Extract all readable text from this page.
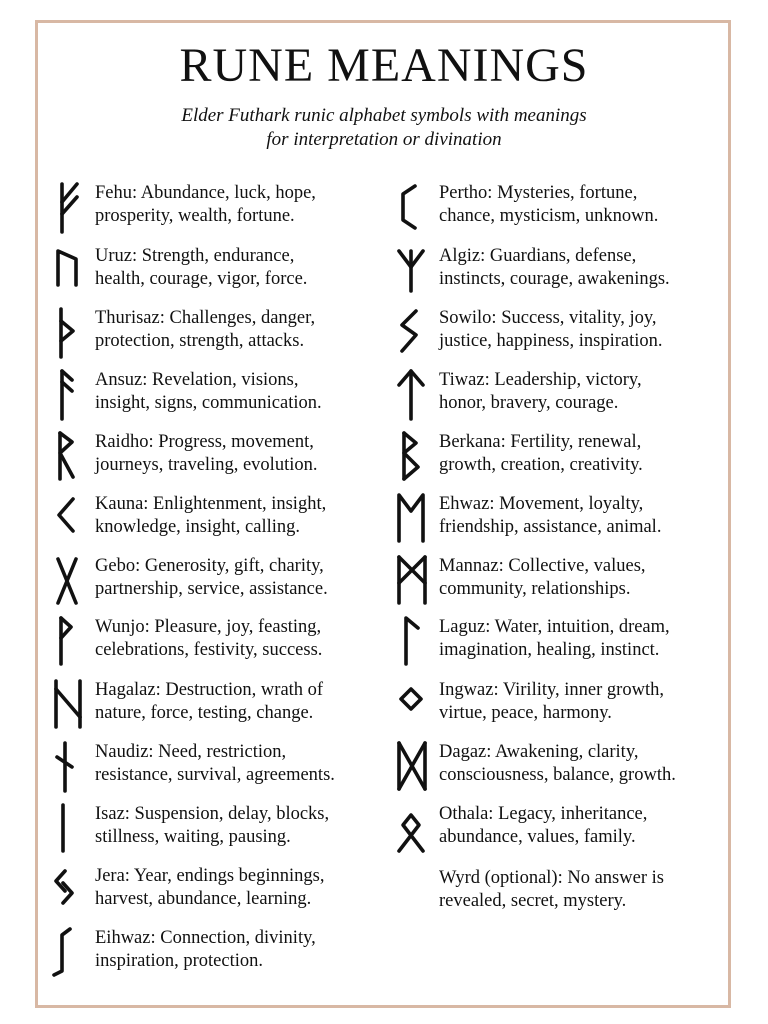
RUNE MEANINGS
Elder Futhark runic alphabet symbols with meanings
for interpretation or divination
Fehu: Abundance, luck, hope,
prosperity, wealth, fortune.
Uruz: Strength, endurance,
health, courage, vigor, force.
Thurisaz: Challenges, danger,
protection, strength, attacks.
Ansuz: Revelation, visions,
insight, signs, communication.
Raidho: Progress, movement,
journeys, traveling, evolution.
Kauna: Enlightenment, insight,
knowledge, insight, calling.
Gebo: Generosity, gift, charity,
partnership, service, assistance.
Wunjo: Pleasure, joy, feasting,
celebrations, festivity, success.
Hagalaz: Destruction, wrath of
nature, force, testing, change.
Naudiz: Need, restriction,
resistance, survival, agreements.
Isaz: Suspension, delay, blocks,
stillness, waiting, pausing.
Jera: Year, endings beginnings,
harvest, abundance, learning.
Eihwaz: Connection, divinity,
inspiration, protection.
Pertho: Mysteries, fortune,
chance, mysticism, unknown.
Algiz: Guardians, defense,
instincts, courage, awakenings.
Sowilo: Success, vitality, joy,
justice, happiness, inspiration.
Tiwaz: Leadership, victory,
honor, bravery, courage.
Berkana: Fertility, renewal,
growth, creation, creativity.
Ehwaz: Movement, loyalty,
friendship, assistance, animal.
Mannaz: Collective, values,
community, relationships.
Laguz: Water, intuition, dream,
imagination, healing, instinct.
Ingwaz: Virility, inner growth,
virtue, peace, harmony.
Dagaz: Awakening, clarity,
consciousness, balance, growth.
Othala: Legacy, inheritance,
abundance, values, family.
Wyrd (optional): No answer is
revealed, secret, mystery.
